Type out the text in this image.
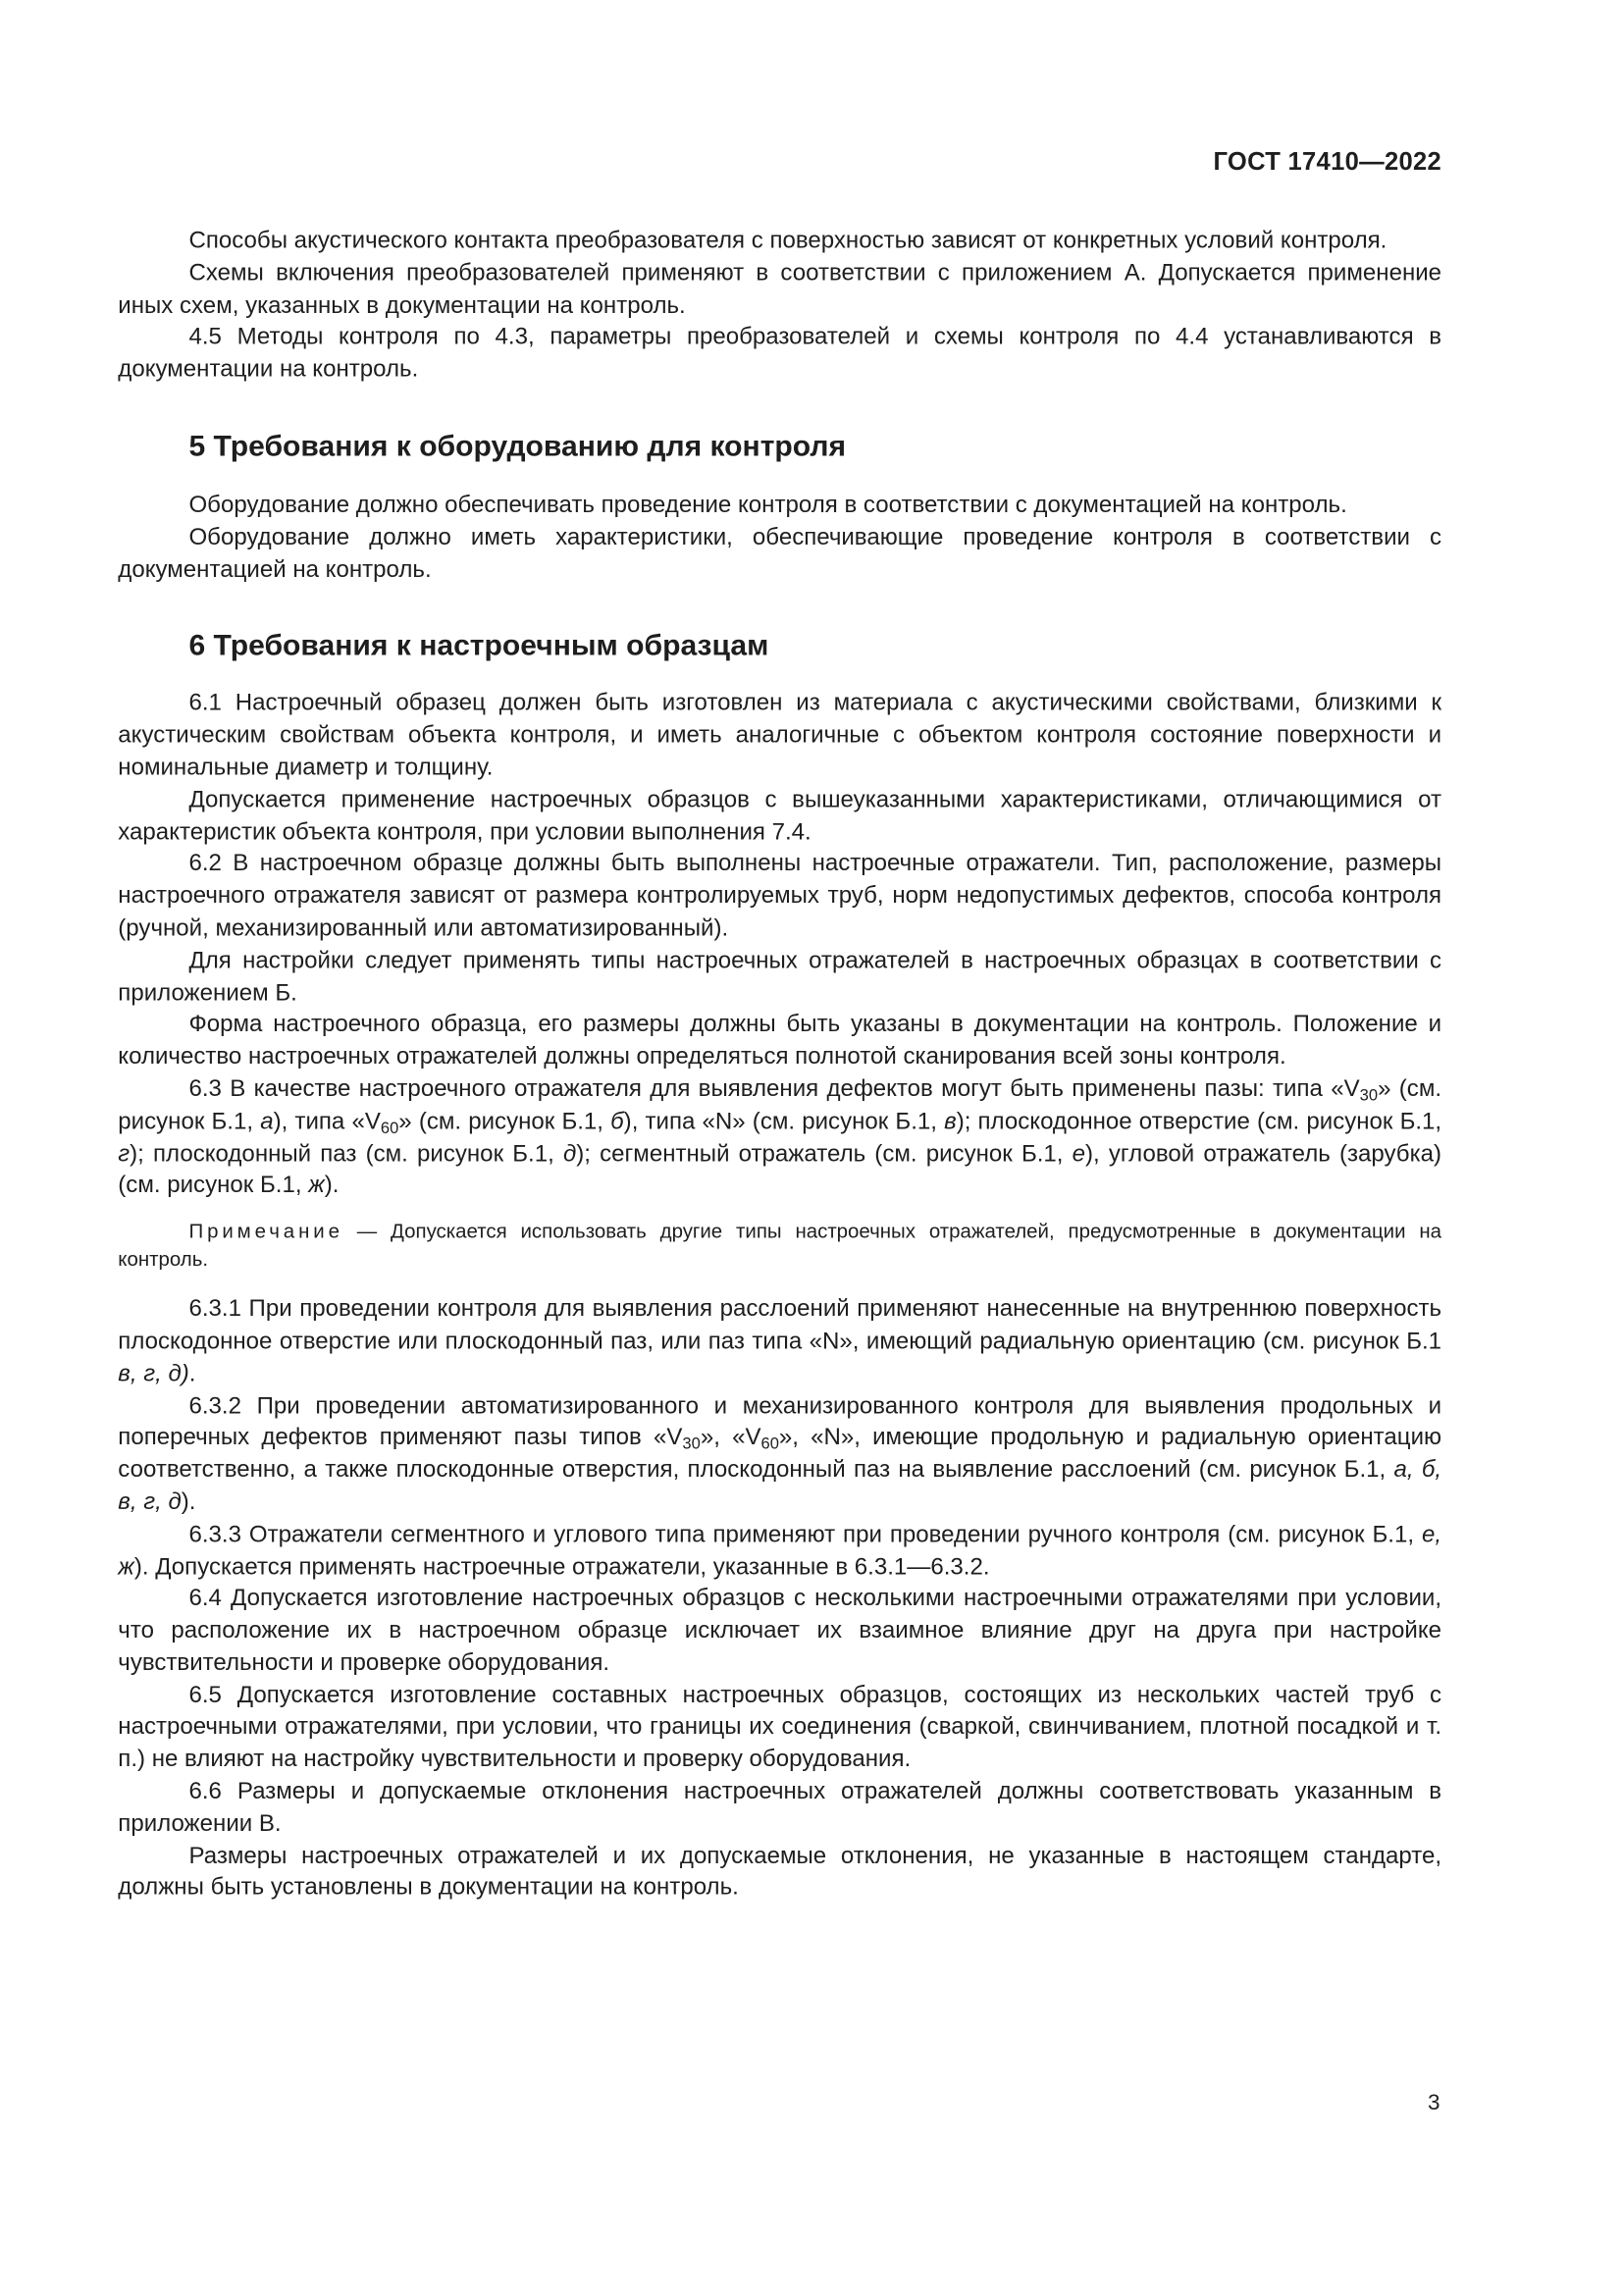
ГОСТ 17410—2022

Способы акустического контакта преобразователя с поверхностью зависят от конкретных условий контроля.

Схемы включения преобразователей применяют в соответствии с приложением А. Допускается применение иных схем, указанных в документации на контроль.

4.5 Методы контроля по 4.3, параметры преобразователей и схемы контроля по 4.4 устанавливаются в документации на контроль.

5 Требования к оборудованию для контроля

Оборудование должно обеспечивать проведение контроля в соответствии с документацией на контроль.

Оборудование должно иметь характеристики, обеспечивающие проведение контроля в соответствии с документацией на контроль.

6 Требования к настроечным образцам

6.1 Настроечный образец должен быть изготовлен из материала с акустическими свойствами, близкими к акустическим свойствам объекта контроля, и иметь аналогичные с объектом контроля состояние поверхности и номинальные диаметр и толщину.

Допускается применение настроечных образцов с вышеуказанными характеристиками, отличающимися от характеристик объекта контроля, при условии выполнения 7.4.

6.2 В настроечном образце должны быть выполнены настроечные отражатели. Тип, расположение, размеры настроечного отражателя зависят от размера контролируемых труб, норм недопустимых дефектов, способа контроля (ручной, механизированный или автоматизированный).

Для настройки следует применять типы настроечных отражателей в настроечных образцах в соответствии с приложением Б.

Форма настроечного образца, его размеры должны быть указаны в документации на контроль. Положение и количество настроечных отражателей должны определяться полнотой сканирования всей зоны контроля.

6.3 В качестве настроечного отражателя для выявления дефектов могут быть применены пазы: типа «$V_{30}$» (см. рисунок Б.1, а), типа «$V_{60}$» (см. рисунок Б.1, б), типа «N» (см. рисунок Б.1, в); плоскодонное отверстие (см. рисунок Б.1, г); плоскодонный паз (см. рисунок Б.1, д); сегментный отражатель (см. рисунок Б.1, е), угловой отражатель (зарубка) (см. рисунок Б.1, ж).

Примечание — Допускается использовать другие типы настроечных отражателей, предусмотренные в документации на контроль.

6.3.1 При проведении контроля для выявления расслоений применяют нанесенные на внутреннюю поверхность плоскодонное отверстие или плоскодонный паз, или паз типа «N», имеющий радиальную ориентацию (см. рисунок Б.1 в, г, д).

6.3.2 При проведении автоматизированного и механизированного контроля для выявления продольных и поперечных дефектов применяют пазы типов «$V_{30}$», «$V_{60}$», «N», имеющие продольную и радиальную ориентацию соответственно, а также плоскодонные отверстия, плоскодонный паз на выявление расслоений (см. рисунок Б.1, а, б, в, г, д).

6.3.3 Отражатели сегментного и углового типа применяют при проведении ручного контроля (см. рисунок Б.1, е, ж). Допускается применять настроечные отражатели, указанные в 6.3.1—6.3.2.

6.4 Допускается изготовление настроечных образцов с несколькими настроечными отражателями при условии, что расположение их в настроечном образце исключает их взаимное влияние друг на друга при настройке чувствительности и проверке оборудования.

6.5 Допускается изготовление составных настроечных образцов, состоящих из нескольких частей труб с настроечными отражателями, при условии, что границы их соединения (сваркой, свинчиванием, плотной посадкой и т. п.) не влияют на настройку чувствительности и проверку оборудования.

6.6 Размеры и допускаемые отклонения настроечных отражателей должны соответствовать указанным в приложении В.

Размеры настроечных отражателей и их допускаемые отклонения, не указанные в настоящем стандарте, должны быть установлены в документации на контроль.

3
